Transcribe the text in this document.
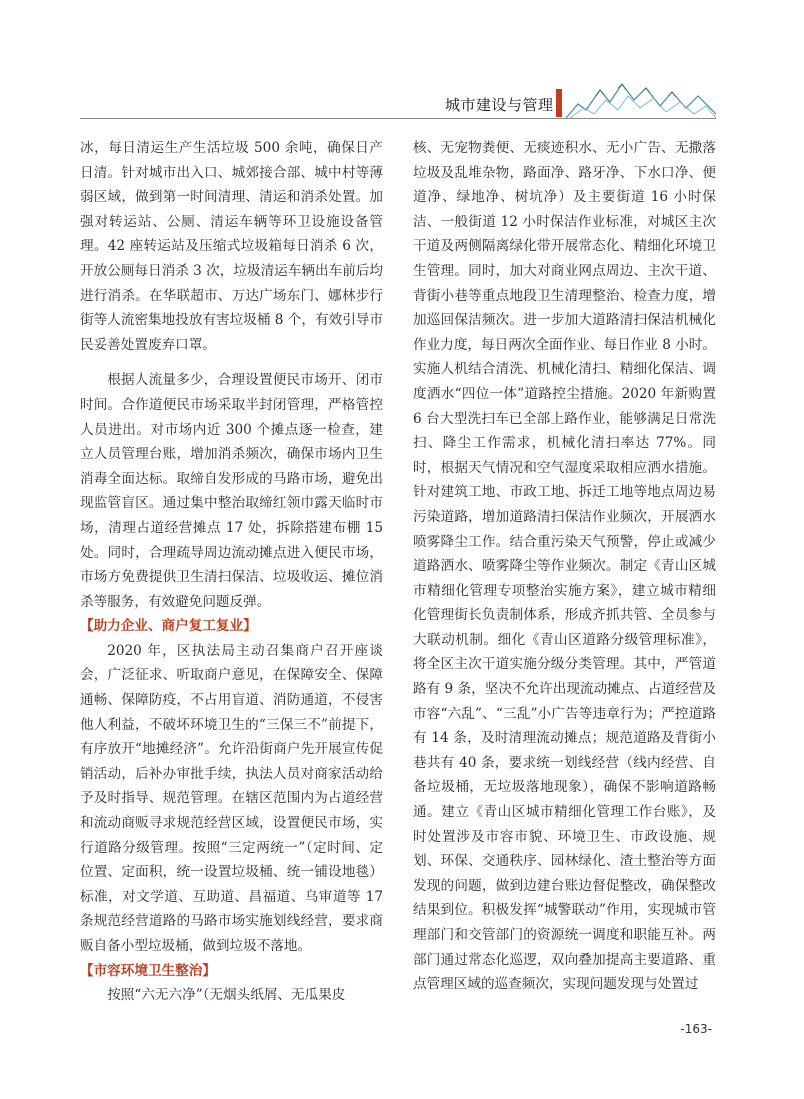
城市建设与管理

冰，每日清运生产生活垃圾 500 余吨，确保日产日清。针对城市出入口、城郊接合部、城中村等薄弱区域，做到第一时间清理、清运和消杀处置。加强对转运站、公厕、清运车辆等环卫设施设备管理。42 座转运站及压缩式垃圾箱每日消杀 6 次，开放公厕每日消杀 3 次，垃圾清运车辆出车前后均进行消杀。在华联超市、万达广场东门、娜林步行街等人流密集地投放有害垃圾桶 8 个，有效引导市民妥善处置废弃口罩。

根据人流量多少，合理设置便民市场开、闭市时间。合作道便民市场采取半封闭管理，严格管控人员进出。对市场内近 300 个摊点逐一检查，建立人员管理台账，增加消杀频次，确保市场内卫生消毒全面达标。取缔自发形成的马路市场，避免出现监管盲区。通过集中整治取缔红领巾露天临时市场，清理占道经营摊点 17 处，拆除搭建布棚 15 处。同时，合理疏导周边流动摊点进入便民市场，市场方免费提供卫生清扫保洁、垃圾收运、摊位消杀等服务，有效避免问题反弹。

【助力企业、商户复工复业】

2020 年，区执法局主动召集商户召开座谈会，广泛征求、听取商户意见，在保障安全、保障通畅、保障防疫，不占用盲道、消防通道，不侵害他人利益，不破坏环境卫生的“三保三不”前提下，有序放开“地摊经济”。允许沿街商户先开展宣传促销活动，后补办审批手续，执法人员对商家活动给予及时指导、规范管理。在辖区范围内为占道经营和流动商贩寻求规范经营区域，设置便民市场，实行道路分级管理。按照“三定两统一”（定时间、定位置、定面积，统一设置垃圾桶、统一铺设地毯）标准，对文学道、互助道、昌福道、乌审道等 17 条规范经营道路的马路市场实施划线经营，要求商贩自备小型垃圾桶，做到垃圾不落地。

【市容环境卫生整治】

按照“六无六净”（无烟头纸屑、无瓜果皮

核、无宠物粪便、无痰迹积水、无小广告、无撒落垃圾及乱堆杂物，路面净、路牙净、下水口净、便道净、绿地净、树坑净）及主要街道 16 小时保洁、一般街道 12 小时保洁作业标准，对城区主次干道及两侧隔离绿化带开展常态化、精细化环境卫生管理。同时，加大对商业网点周边、主次干道、背街小巷等重点地段卫生清理整治、检查力度，增加巡回保洁频次。进一步加大道路清扫保洁机械化作业力度，每日两次全面作业、每日作业 8 小时。实施人机结合清洗、机械化清扫、精细化保洁、调度洒水“四位一体”道路控尘措施。2020 年新购置 6 台大型洗扫车已全部上路作业，能够满足日常洗扫、降尘工作需求，机械化清扫率达 77%。同时，根据天气情况和空气湿度采取相应洒水措施。针对建筑工地、市政工地、拆迁工地等地点周边易污染道路，增加道路清扫保洁作业频次，开展洒水喷雾降尘工作。结合重污染天气预警，停止或减少道路洒水、喷雾降尘等作业频次。制定《青山区城市精细化管理专项整治实施方案》，建立城市精细化管理街长负责制体系，形成齐抓共管、全员参与大联动机制。细化《青山区道路分级管理标准》，将全区主次干道实施分级分类管理。其中，严管道路有 9 条，坚决不允许出现流动摊点、占道经营及市容“六乱”、“三乱”小广告等违章行为；严控道路有 14 条，及时清理流动摊点；规范道路及背街小巷共有 40 条，要求统一划线经营（线内经营、自备垃圾桶，无垃圾落地现象），确保不影响道路畅通。建立《青山区城市精细化管理工作台账》，及时处置涉及市容市貌、环境卫生、市政设施、规划、环保、交通秩序、园林绿化、渣土整治等方面发现的问题，做到边建台账边督促整改，确保整改结果到位。积极发挥“城警联动”作用，实现城市管理部门和交管部门的资源统一调度和职能互补。两部门通过常态化巡逻，双向叠加提高主要道路、重点管理区域的巡查频次，实现问题发现与处置过

-163-
